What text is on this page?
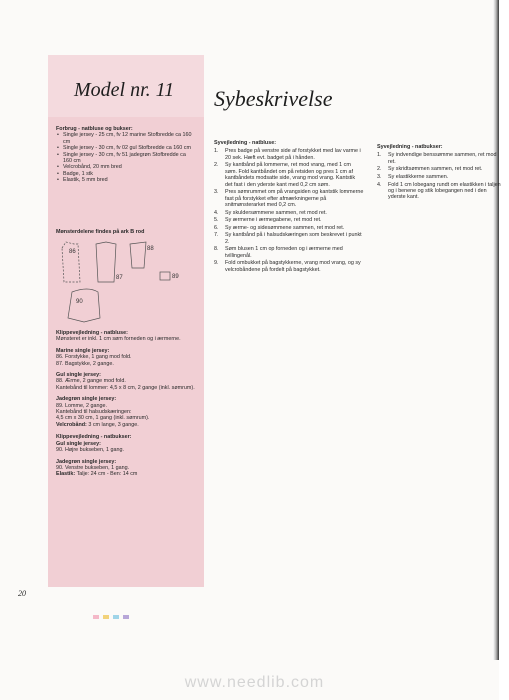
Model nr. 11 Sybeskrivelse
Forbrug - natbluse og bukser:
• Single jersey - 25 cm, fv 12 marine Stofbredde ca 160 cm
• Single jersey - 30 cm, fv 02 gul Stofbredde ca 160 cm
• Single jersey - 30 cm, fv 51 jadegrøn Stofbredde ca 160 cm
• Velcrobånd, 20 mm bred
• Badge, 1 stk
• Elastik, 5 mm bred
Mønsterdelene findes på ark B rod
86	88
87	89
90
Klippevejledning - natbluse:
Mønsteret er inkl. 1 cm søm forneden og i ærmerne.
Marine single jersey:
86. Forstykke, 1 gang mod fold.
87. Bagstykke, 2 gange.
Gul single jersey:
88. Ærme, 2 gange mod fold.
Kantebånd til lommer: 4,5 x 8 cm, 2 gange (inkl. sømrum).
Jadegrøn single jersey:
89. Lomme, 2 gange.
Kantebånd til halsudskæringen:
4,5 cm x 30 cm, 1 gang (inkl. sømrum).
Velcrobånd: 3 cm lange, 3 gange.
Klippevejledning - natbukser:
Gul single jersey:
90. Højre bukseben, 1 gang.
Jadegrøn single jersey:
90. Venstre bukseben, 1 gang.
Elastik: Talje: 24 cm - Ben: 14 cm
Syvejledning - natbluse:
1. Pres badge på venstre side af forstykket med lav varme i 20 sek. Hæft evt. badget på i hånden.
2. Sy kantbånd på lommerne, ret mod vrang, med 1 cm søm. Fold kantbåndet om på retsiden og pres 1 cm af kantbåndets modsatte side, vrang mod vrang. Kantstik det fast i den yderste kant med 0,2 cm søm.
3. Pres sømrummet om på vrangsiden og kantstik lommerne fast på forstykket efter afmærkningerne på snitmønsterarket med 0,2 cm.
4. Sy skuldersømmene sammen, ret mod ret.
5. Sy ærmerne i ærmegabene, ret mod ret.
6. Sy ærme- og sidesømmene sammen, ret mod ret.
7. Sy kantbånd på i halsudskæringen som beskrevet i punkt 2.
8. Søm blusen 1 cm op forneden og i ærmerne med tvillingenål.
9. Fold ombukket på bagstykkerne, vrang mod vrang, og sy velcrobåndene på fordelt på bagstykket.
Syvejledning - natbukser:
1. Sy indvendige benssømme sammen, ret mod ret.
2. Sy skridtsømmen sammen, ret mod ret.
3. Sy elastikkerne sammen.
4. Fold 1 cm lobegang rundt om elastikken i taljen og i benene og stik lobegangen ned i den yderste kant.
20
www.needlib.com
